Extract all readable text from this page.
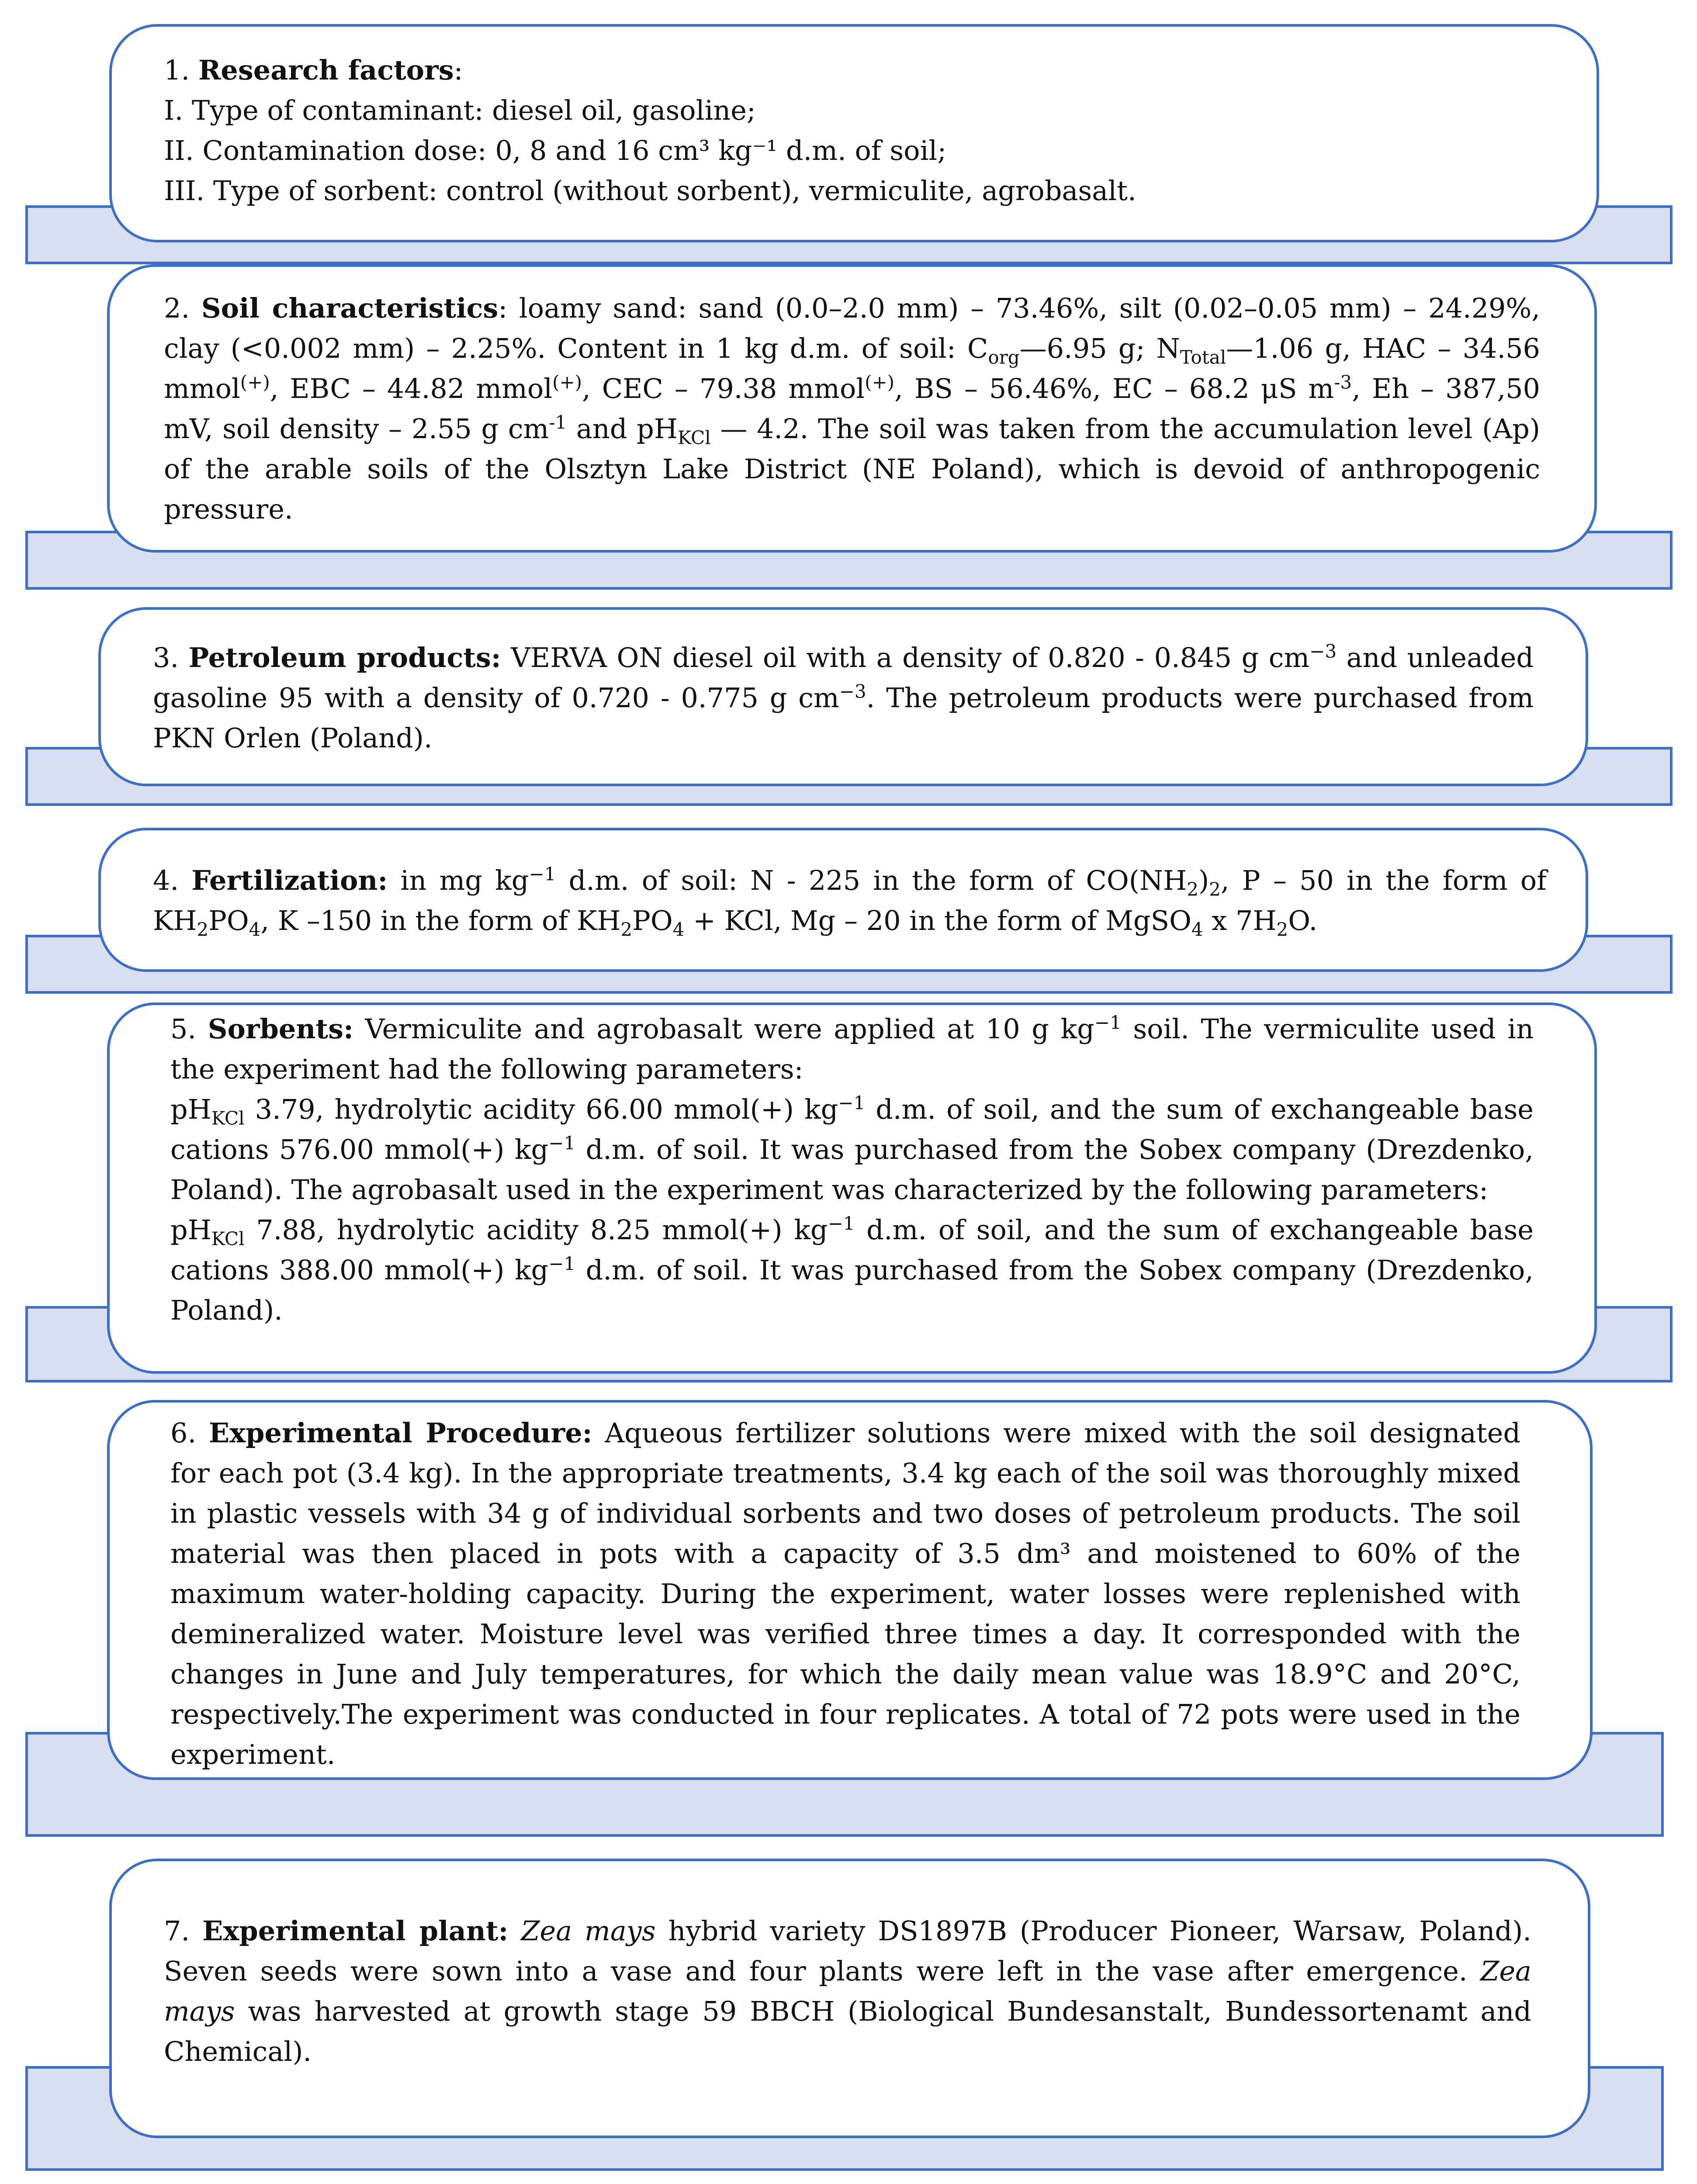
1. Research factors:
I. Type of contaminant: diesel oil, gasoline;
II. Contamination dose: 0, 8 and 16 cm³ kg⁻¹ d.m. of soil;
III. Type of sorbent: control (without sorbent), vermiculite, agrobasalt.
2. Soil characteristics: loamy sand: sand (0.0–2.0 mm) – 73.46%, silt (0.02–0.05 mm) – 24.29%, clay (<0.002 mm) – 2.25%. Content in 1 kg d.m. of soil: $C_{org}—6.95$ g; $N_{Total}—1.06$ g, HAC – 34.56 mmol(+), EBC – 44.82 mmol(+), CEC – 79.38 mmol(+), BS – 56.46%, EC – 68.2 μS $m^{-3}$, Eh – 387,50 mV, soil density – 2.55 g $cm^{-1}$ and $pH_{KCl}$ — 4.2. The soil was taken from the accumulation level (Ap) of the arable soils of the Olsztyn Lake District (NE Poland), which is devoid of anthropogenic pressure.
3. Petroleum products: VERVA ON diesel oil with a density of 0.820 - 0.845 g $cm^{-3}$ and unleaded gasoline 95 with a density of 0.720 - 0.775 g $cm^{-3}$. The petroleum products were purchased from PKN Orlen (Poland).
4. Fertilization: in mg $kg^{-1}$ d.m. of soil: N - 225 in the form of $CO(NH_2)_2$, P – 50 in the form of $KH_2PO_4$, K –150 in the form of $KH_2PO_4$ + KCl, Mg – 20 in the form of MgSO$_4$ x $7H_2O$.
5. Sorbents: Vermiculite and agrobasalt were applied at 10 g $kg^{-1}$ soil. The vermiculite used in the experiment had the following parameters:
$pH_{KCl}$ 3.79, hydrolytic acidity 66.00 mmol(+) $kg^{-1}$ d.m. of soil, and the sum of exchangeable base cations 576.00 mmol(+) $kg^{-1}$ d.m. of soil. It was purchased from the Sobex company (Drezdenko, Poland). The agrobasalt used in the experiment was characterized by the following parameters:
$pH_{KCl}$ 7.88, hydrolytic acidity 8.25 mmol(+) $kg^{-1}$ d.m. of soil, and the sum of exchangeable base cations 388.00 mmol(+) $kg^{-1}$ d.m. of soil. It was purchased from the Sobex company (Drezdenko, Poland).
6. Experimental Procedure: Aqueous fertilizer solutions were mixed with the soil designated for each pot (3.4 kg). In the appropriate treatments, 3.4 kg each of the soil was thoroughly mixed in plastic vessels with 34 g of individual sorbents and two doses of petroleum products. The soil material was then placed in pots with a capacity of 3.5 dm³ and moistened to 60% of the maximum water-holding capacity. During the experiment, water losses were replenished with demineralized water. Moisture level was verified three times a day. It corresponded with the changes in June and July temperatures, for which the daily mean value was 18.9°C and 20°C, respectively.The experiment was conducted in four replicates. A total of 72 pots were used in the experiment.
7. Experimental plant: Zea mays hybrid variety DS1897B (Producer Pioneer, Warsaw, Poland). Seven seeds were sown into a vase and four plants were left in the vase after emergence. Zea mays was harvested at growth stage 59 BBCH (Biological Bundesanstalt, Bundessortenamt and Chemical).
